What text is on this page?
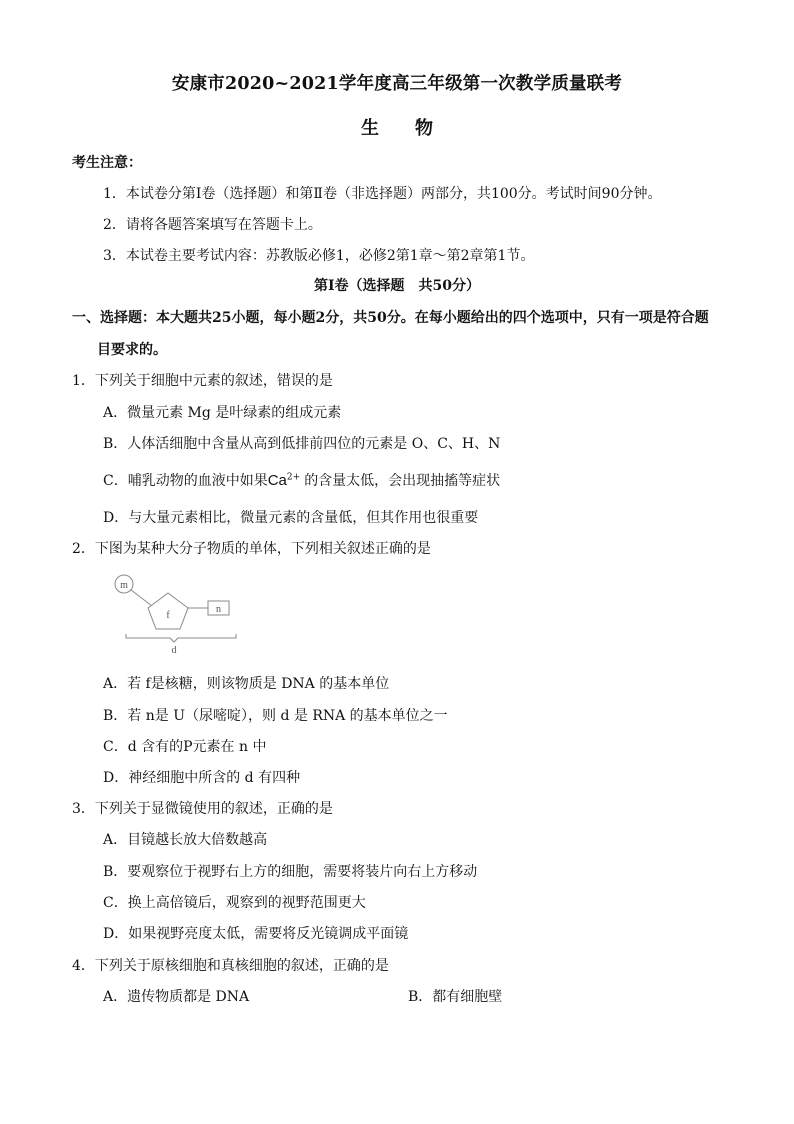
安康市2020~2021学年度高三年级第一次教学质量联考
生　　物
考生注意：
1．本试卷分第Ⅰ卷（选择题）和第Ⅱ卷（非选择题）两部分，共100分。考试时间90分钟。
2．请将各题答案填写在答题卡上。
3．本试卷主要考试内容：苏教版必修1，必修2第1章～第2章第1节。
第Ⅰ卷（选择题　共50分）
一、选择题：本大题共25小题，每小题2分，共50分。在每小题给出的四个选项中，只有一项是符合题
目要求的。
1．下列关于细胞中元素的叙述，错误的是
A．微量元素 Mg 是叶绿素的组成元素
B．人体活细胞中含量从高到低排前四位的元素是 O、C、H、N
C．哺乳动物的血液中如果$Ca^{2+}$ 的含量太低，会出现抽搐等症状
D．与大量元素相比，微量元素的含量低，但其作用也很重要
2．下图为某种大分子物质的单体，下列相关叙述正确的是
m
f
n
d
A．若 f是核糖，则该物质是 DNA 的基本单位
B．若 n是 U（尿嘧啶），则 d 是 RNA 的基本单位之一
C．d 含有的P元素在 n 中
D．神经细胞中所含的 d 有四种
3．下列关于显微镜使用的叙述，正确的是
A．目镜越长放大倍数越高
B．要观察位于视野右上方的细胞，需要将装片向右上方移动
C．换上高倍镜后，观察到的视野范围更大
D．如果视野亮度太低，需要将反光镜调成平面镜
4．下列关于原核细胞和真核细胞的叙述，正确的是
A．遗传物质都是 DNA	B．都有细胞壁
